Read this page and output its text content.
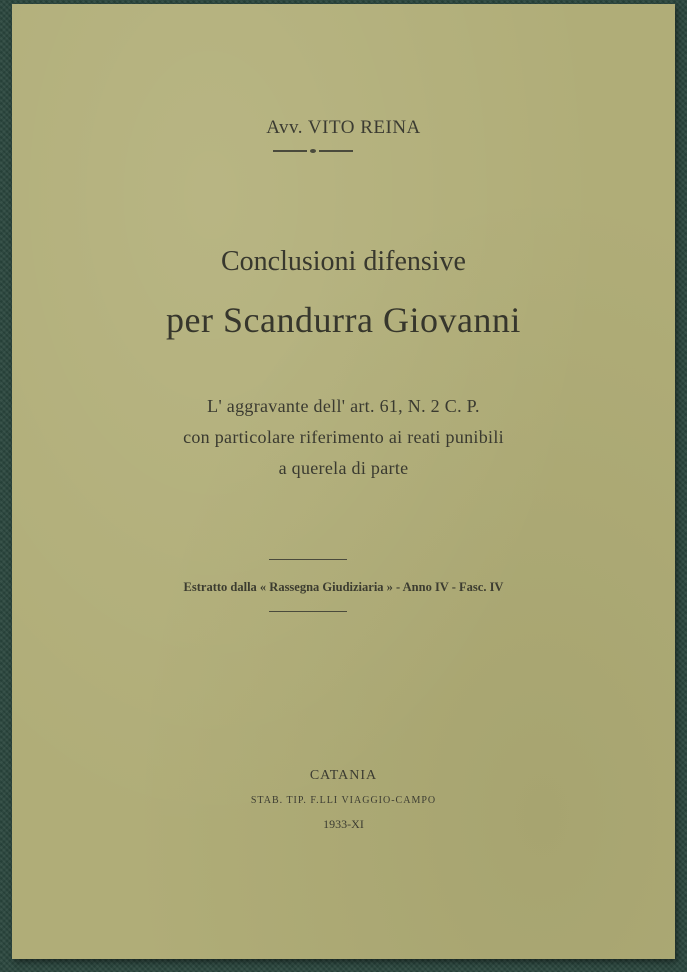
Avv. VITO REINA
Conclusioni difensive
per Scandurra Giovanni
L' aggravante dell' art. 61, N. 2 C. P.
con particolare riferimento ai reati punibili
a querela di parte
Estratto dalla « Rassegna Giudiziaria » - Anno IV - Fasc. IV
CATANIA
STAB. TIP. F.LLI VIAGGIO-CAMPO
1933-XI
